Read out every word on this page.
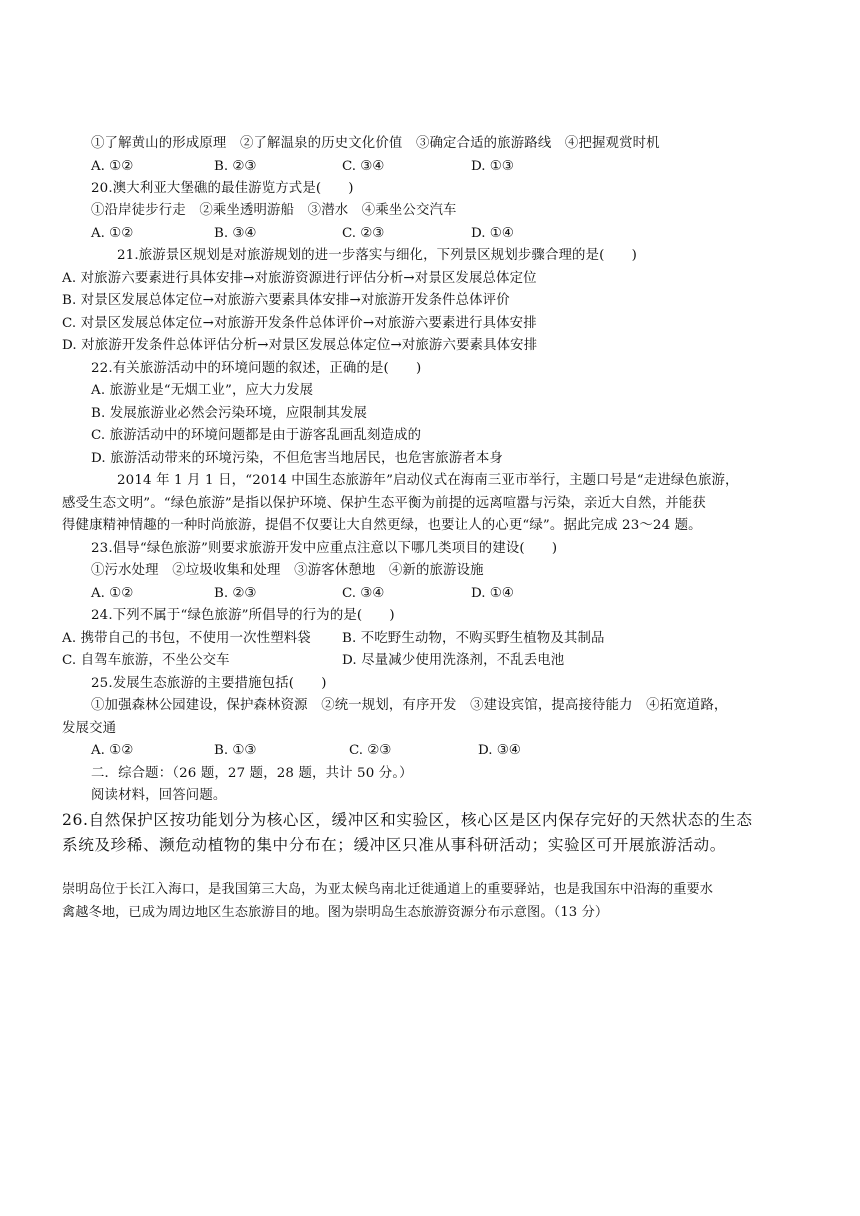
①了解黄山的形成原理　②了解温泉的历史文化价值　③确定合适的旅游路线　④把握观赏时机
A. ①②	B. ②③	C. ③④	D. ①③
20.澳大利亚大堡礁的最佳游览方式是(　　)
①沿岸徒步行走　②乘坐透明游船　③潜水　④乘坐公交汽车
A. ①②	B. ③④	C. ②③	D. ①④
21.旅游景区规划是对旅游规划的进一步落实与细化，下列景区规划步骤合理的是(　　)
A. 对旅游六要素进行具体安排→对旅游资源进行评估分析→对景区发展总体定位
B. 对景区发展总体定位→对旅游六要素具体安排→对旅游开发条件总体评价
C. 对景区发展总体定位→对旅游开发条件总体评价→对旅游六要素进行具体安排
D. 对旅游开发条件总体评估分析→对景区发展总体定位→对旅游六要素具体安排
22.有关旅游活动中的环境问题的叙述，正确的是(　　)
A. 旅游业是“无烟工业”，应大力发展
B. 发展旅游业必然会污染环境，应限制其发展
C. 旅游活动中的环境问题都是由于游客乱画乱刻造成的
D. 旅游活动带来的环境污染，不但危害当地居民，也危害旅游者本身
2014 年 1 月 1 日，“2014 中国生态旅游年”启动仪式在海南三亚市举行，主题口号是“走进绿色旅游，
感受生态文明”。“绿色旅游”是指以保护环境、保护生态平衡为前提的远离喧嚣与污染，亲近大自然，并能获
得健康精神情趣的一种时尚旅游，提倡不仅要让大自然更绿，也要让人的心更“绿”。据此完成 23～24 题。
23.倡导“绿色旅游”则要求旅游开发中应重点注意以下哪几类项目的建设(　　)
①污水处理　②垃圾收集和处理　③游客休憩地　④新的旅游设施
A. ①②	B. ②③	C. ③④	D. ①④
24.下列不属于“绿色旅游”所倡导的行为的是(　　)
A. 携带自己的书包，不使用一次性塑料袋 B. 不吃野生动物，不购买野生植物及其制品
C. 自驾车旅游，不坐公交车	D. 尽量减少使用洗涤剂，不乱丢电池
25.发展生态旅游的主要措施包括(　　)
①加强森林公园建设，保护森林资源　②统一规划，有序开发　③建设宾馆，提高接待能力　④拓宽道路，
发展交通
A. ①②	B. ①③	C. ②③	D. ③④
二．综合题：（26 题，27 题，28 题，共计 50 分。）
阅读材料，回答问题。
26.自然保护区按功能划分为核心区，缓冲区和实验区，核心区是区内保存完好的天然状态的生态
系统及珍稀、濒危动植物的集中分布在；缓冲区只准从事科研活动；实验区可开展旅游活动。
崇明岛位于长江入海口，是我国第三大岛，为亚太候鸟南北迁徙通道上的重要驿站，也是我国东中沿海的重要水
禽越冬地，已成为周边地区生态旅游目的地。图为崇明岛生态旅游资源分布示意图。（13 分）
